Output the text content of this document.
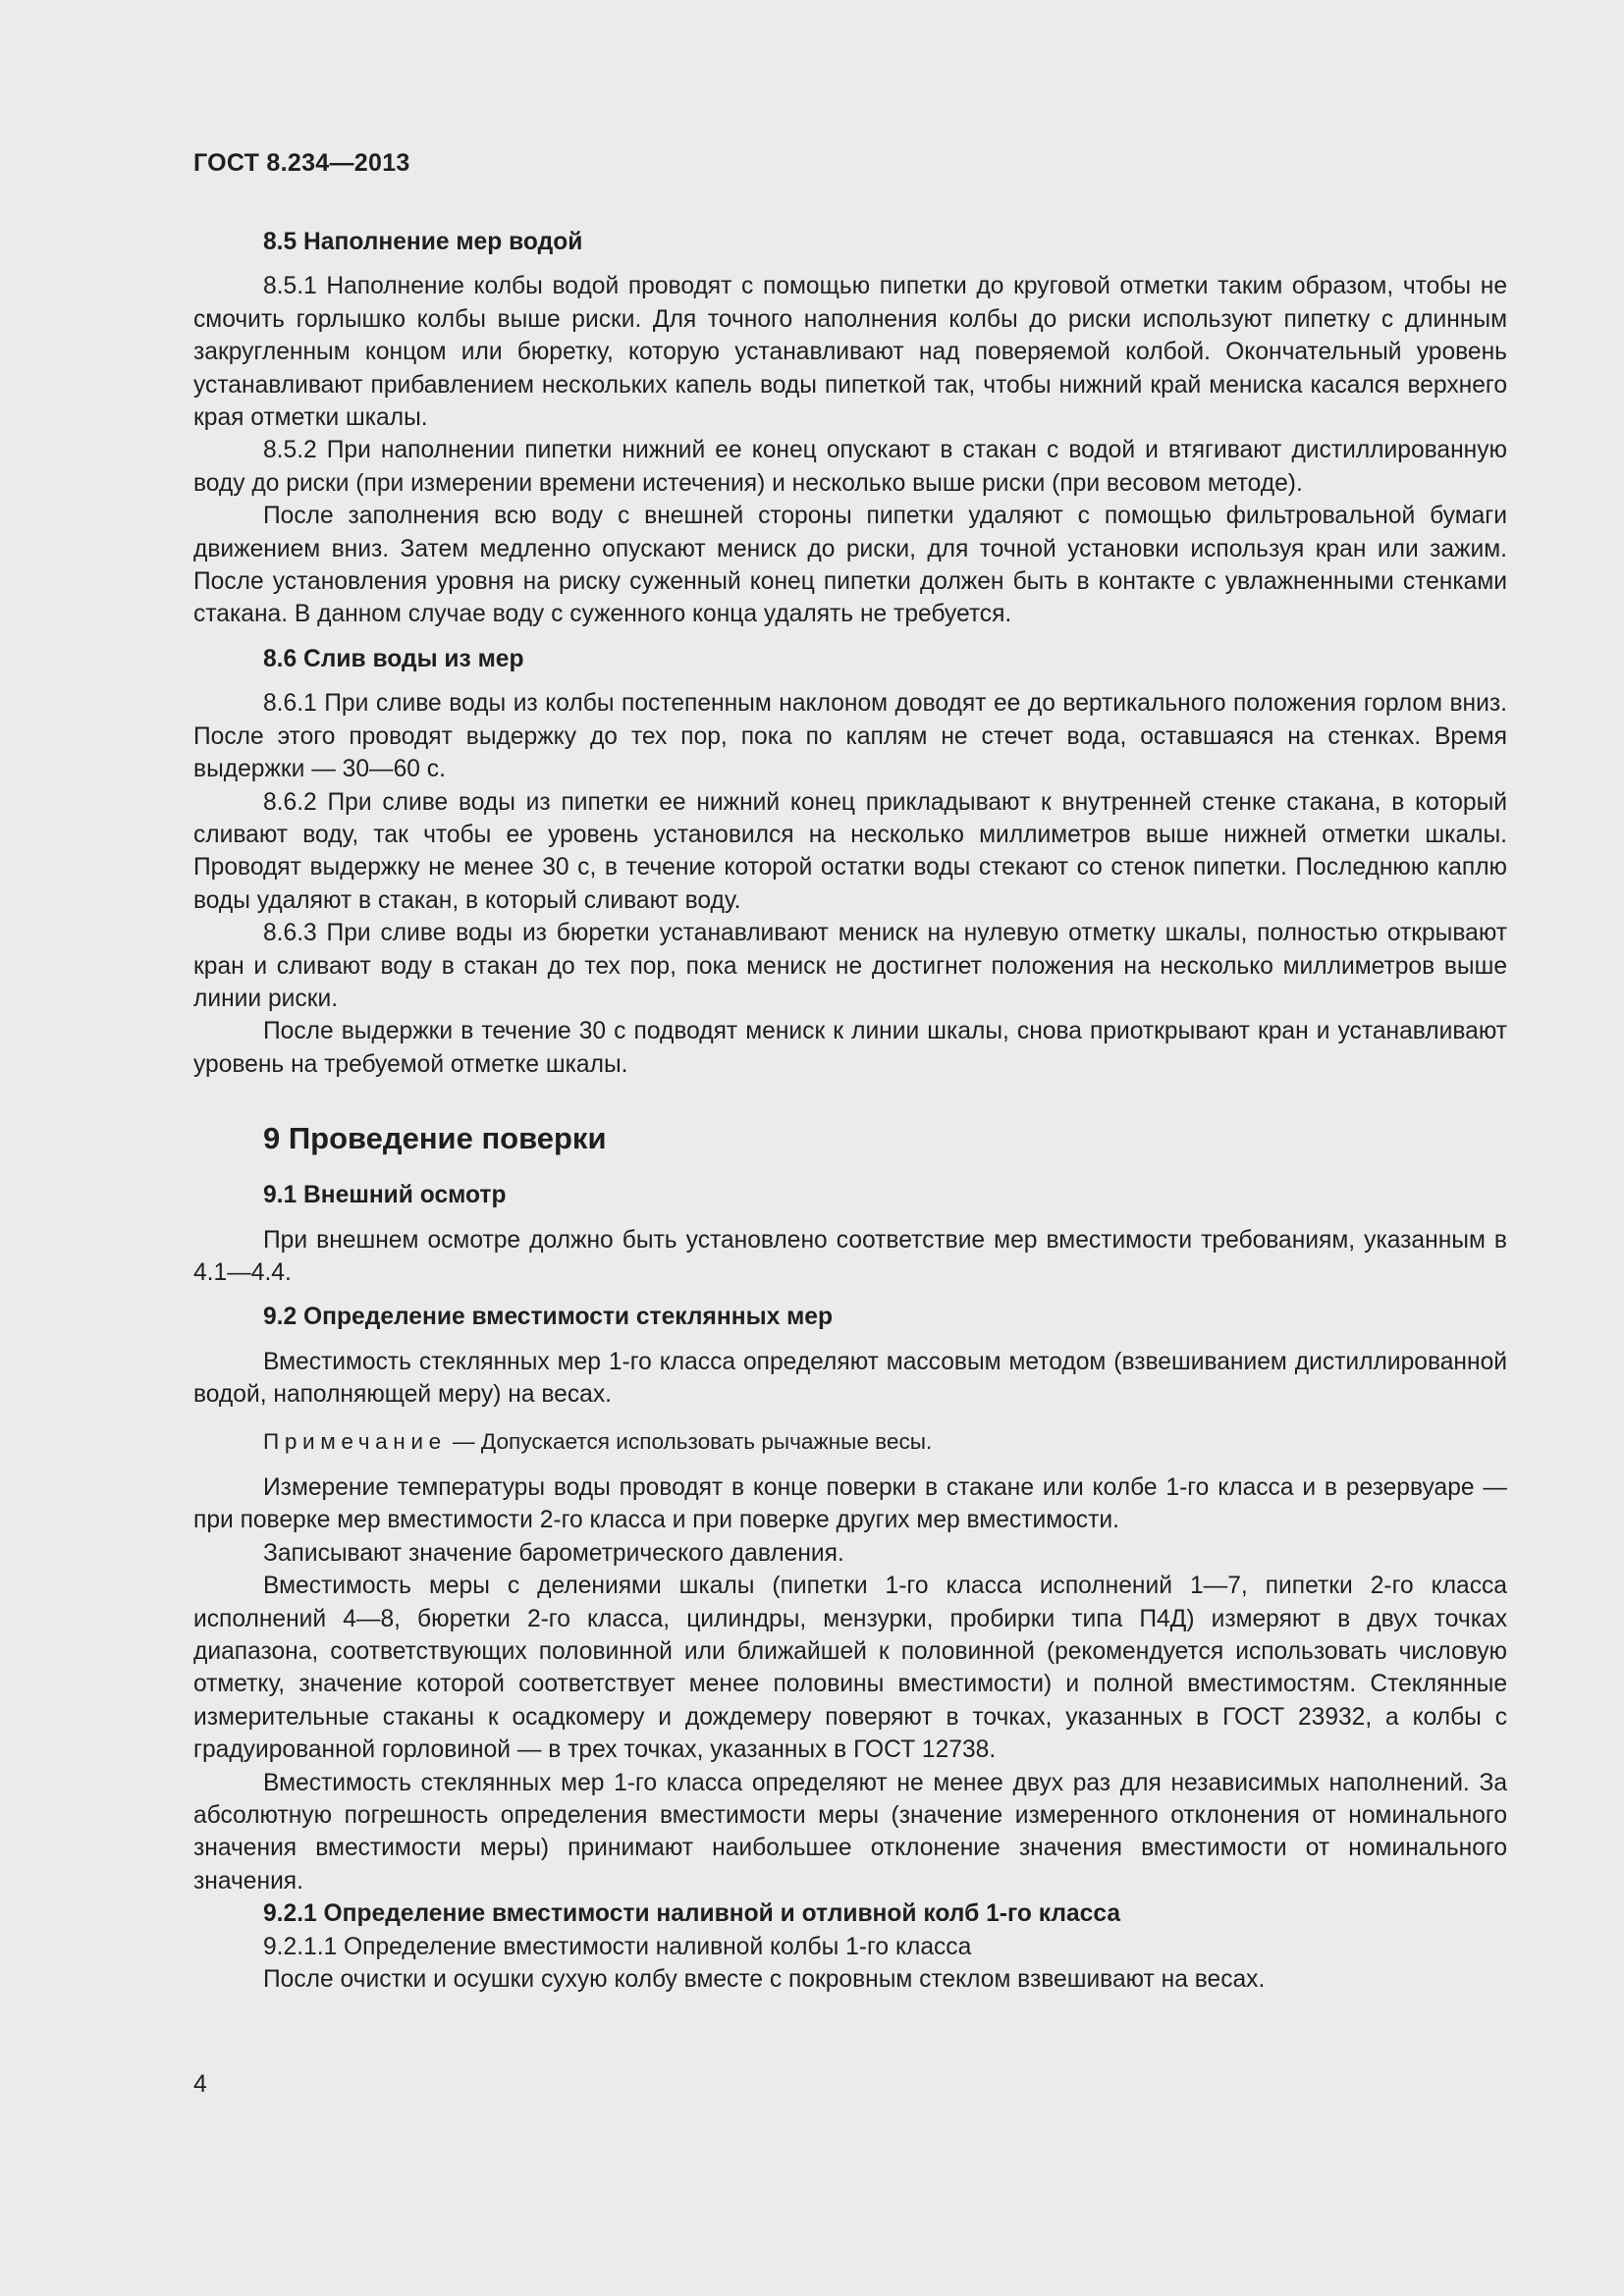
ГОСТ 8.234—2013

8.5 Наполнение мер водой

8.5.1 Наполнение колбы водой проводят с помощью пипетки до круговой отметки таким образом, чтобы не смочить горлышко колбы выше риски. Для точного наполнения колбы до риски используют пипетку с длинным закругленным концом или бюретку, которую устанавливают над поверяемой колбой. Окончательный уровень устанавливают прибавлением нескольких капель воды пипеткой так, чтобы нижний край мениска касался верхнего края отметки шкалы.

8.5.2 При наполнении пипетки нижний ее конец опускают в стакан с водой и втягивают дистиллированную воду до риски (при измерении времени истечения) и несколько выше риски (при весовом методе).

После заполнения всю воду с внешней стороны пипетки удаляют с помощью фильтровальной бумаги движением вниз. Затем медленно опускают мениск до риски, для точной установки используя кран или зажим. После установления уровня на риску суженный конец пипетки должен быть в контакте с увлажненными стенками стакана. В данном случае воду с суженного конца удалять не требуется.

8.6 Слив воды из мер

8.6.1 При сливе воды из колбы постепенным наклоном доводят ее до вертикального положения горлом вниз. После этого проводят выдержку до тех пор, пока по каплям не стечет вода, оставшаяся на стенках. Время выдержки — 30—60 с.

8.6.2 При сливе воды из пипетки ее нижний конец прикладывают к внутренней стенке стакана, в который сливают воду, так чтобы ее уровень установился на несколько миллиметров выше нижней отметки шкалы. Проводят выдержку не менее 30 с, в течение которой остатки воды стекают со стенок пипетки. Последнюю каплю воды удаляют в стакан, в который сливают воду.

8.6.3 При сливе воды из бюретки устанавливают мениск на нулевую отметку шкалы, полностью открывают кран и сливают воду в стакан до тех пор, пока мениск не достигнет положения на несколько миллиметров выше линии риски.

После выдержки в течение 30 с подводят мениск к линии шкалы, снова приоткрывают кран и устанавливают уровень на требуемой отметке шкалы.

9 Проведение поверки

9.1 Внешний осмотр

При внешнем осмотре должно быть установлено соответствие мер вместимости требованиям, указанным в 4.1—4.4.

9.2 Определение вместимости стеклянных мер

Вместимость стеклянных мер 1-го класса определяют массовым методом (взвешиванием дистиллированной водой, наполняющей меру) на весах.

Примечание — Допускается использовать рычажные весы.

Измерение температуры воды проводят в конце поверки в стакане или колбе 1-го класса и в резервуаре — при поверке мер вместимости 2-го класса и при поверке других мер вместимости.

Записывают значение барометрического давления.

Вместимость меры с делениями шкалы (пипетки 1-го класса исполнений 1—7, пипетки 2-го класса исполнений 4—8, бюретки 2-го класса, цилиндры, мензурки, пробирки типа П4Д) измеряют в двух точках диапазона, соответствующих половинной или ближайшей к половинной (рекомендуется использовать числовую отметку, значение которой соответствует менее половины вместимости) и полной вместимостям. Стеклянные измерительные стаканы к осадкомеру и дождемеру поверяют в точках, указанных в ГОСТ 23932, а колбы с градуированной горловиной — в трех точках, указанных в ГОСТ 12738.

Вместимость стеклянных мер 1-го класса определяют не менее двух раз для независимых наполнений. За абсолютную погрешность определения вместимости меры (значение измеренного отклонения от номинального значения вместимости меры) принимают наибольшее отклонение значения вместимости от номинального значения.

9.2.1 Определение вместимости наливной и отливной колб 1-го класса

9.2.1.1 Определение вместимости наливной колбы 1-го класса

После очистки и осушки сухую колбу вместе с покровным стеклом взвешивают на весах.

4
